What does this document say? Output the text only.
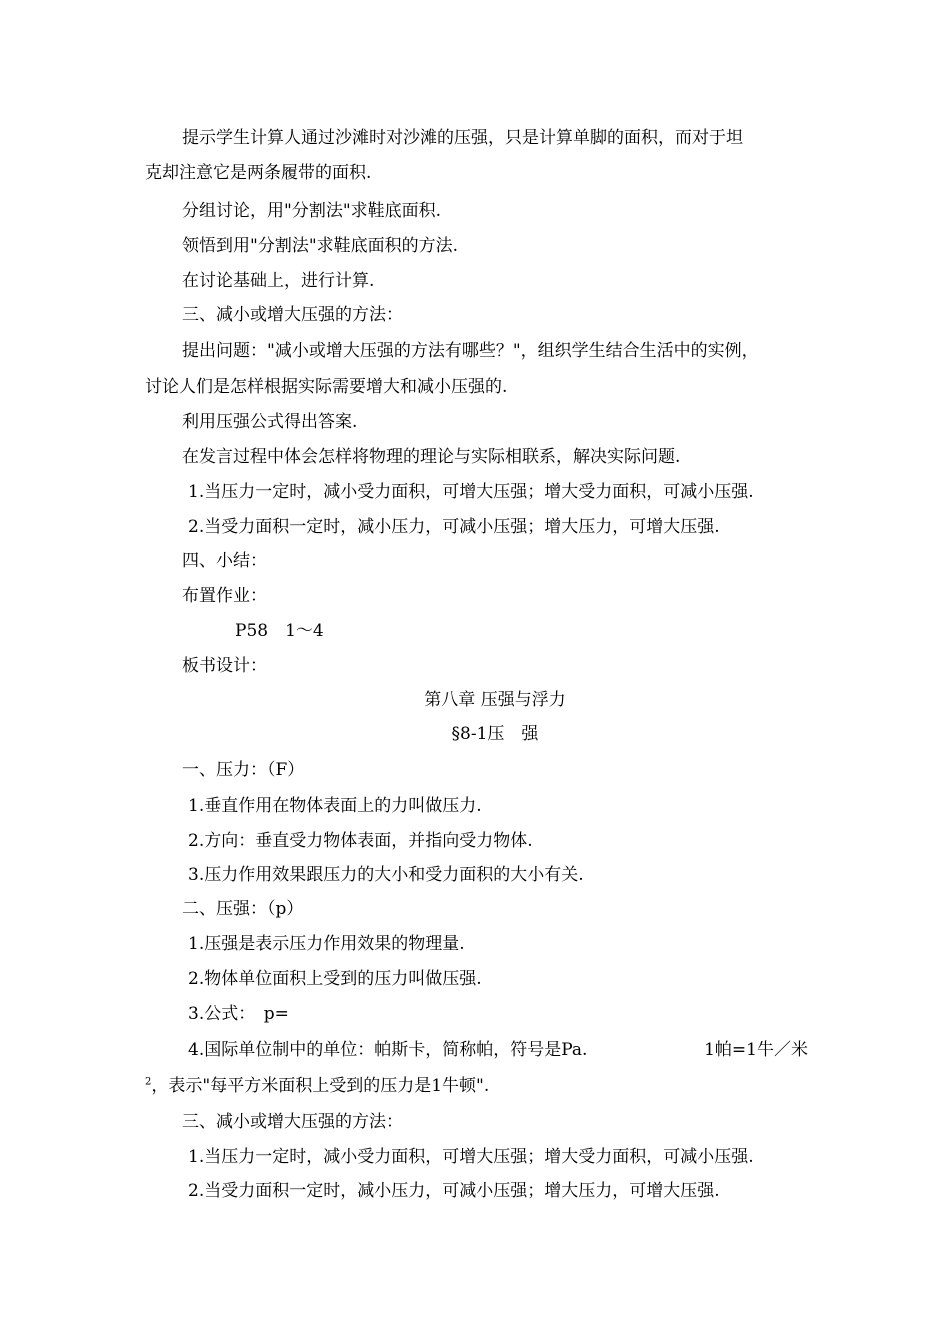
提示学生计算人通过沙滩时对沙滩的压强，只是计算单脚的面积，而对于坦
克却注意它是两条履带的面积.
分组讨论，用"分割法"求鞋底面积.
领悟到用"分割法"求鞋底面积的方法.
在讨论基础上，进行计算.
三、减小或增大压强的方法：
提出问题："减小或增大压强的方法有哪些？"，组织学生结合生活中的实例，
讨论人们是怎样根据实际需要增大和减小压强的.
利用压强公式得出答案.
在发言过程中体会怎样将物理的理论与实际相联系，解决实际问题.
1.当压力一定时，减小受力面积，可增大压强；增大受力面积，可减小压强.
2.当受力面积一定时，减小压力，可减小压强；增大压力，可增大压强.
四、小结：
布置作业：
P58　1～4
板书设计：
第八章 压强与浮力
§8-1压　强
一、压力：（F）
1.垂直作用在物体表面上的力叫做压力.
2.方向：垂直受力物体表面，并指向受力物体.
3.压力作用效果跟压力的大小和受力面积的大小有关.
二、压强：（p）
1.压强是表示压力作用效果的物理量.
2.物体单位面积上受到的压力叫做压强.
3.公式：　p=
4.国际单位制中的单位：帕斯卡，简称帕，符号是Pa.	1帕=1牛／米
$^2$，表示"每平方米面积上受到的压力是1牛顿".
三、减小或增大压强的方法：
1.当压力一定时，减小受力面积，可增大压强；增大受力面积，可减小压强.
2.当受力面积一定时，减小压力，可减小压强；增大压力，可增大压强.
